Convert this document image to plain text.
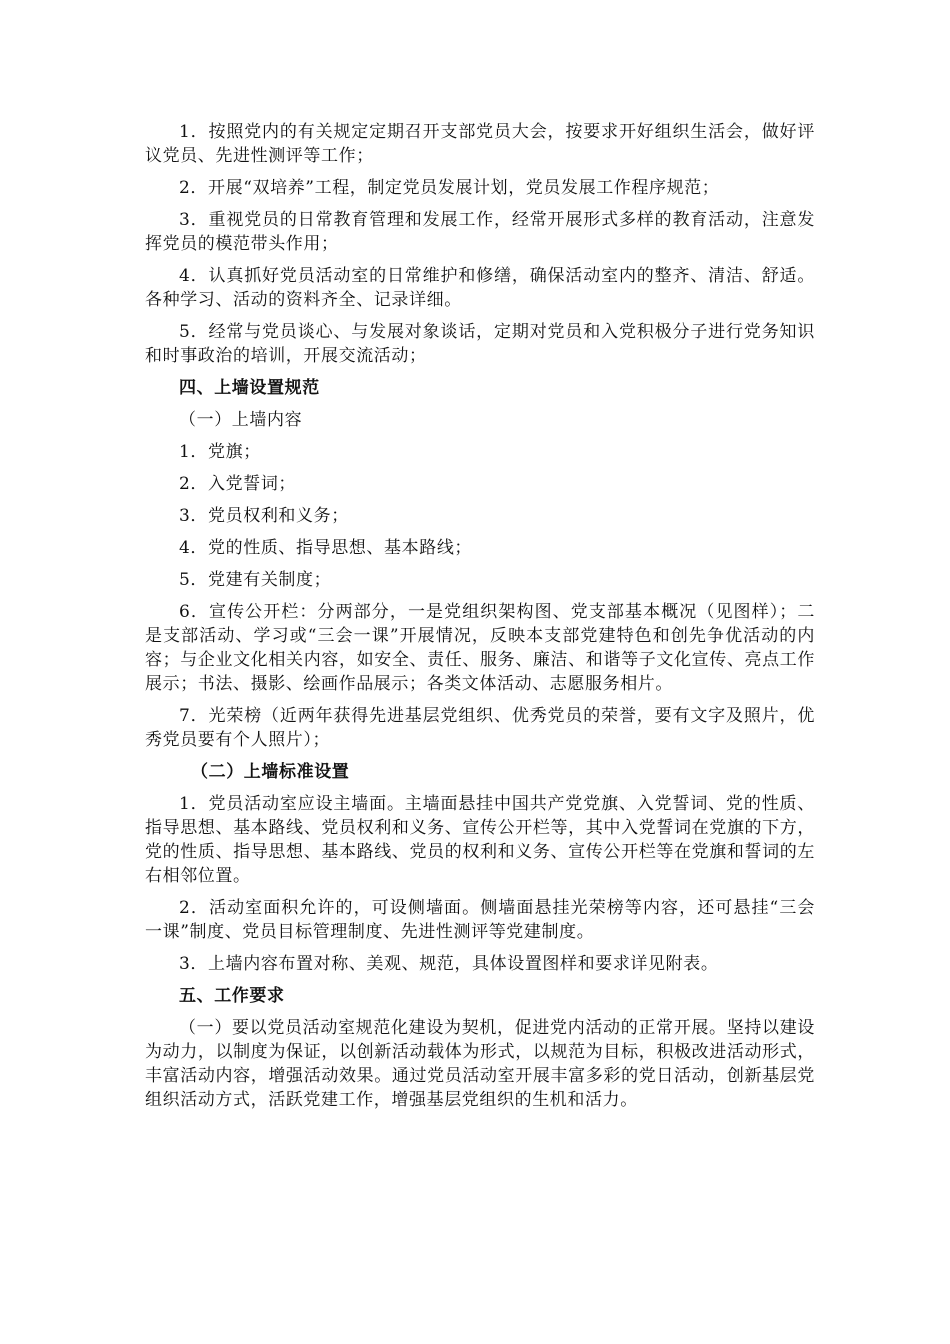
1．按照党内的有关规定定期召开支部党员大会，按要求开好组织生活会，做好评议党员、先进性测评等工作；

2．开展“双培养”工程，制定党员发展计划，党员发展工作程序规范；

3．重视党员的日常教育管理和发展工作，经常开展形式多样的教育活动，注意发挥党员的模范带头作用；

4．认真抓好党员活动室的日常维护和修缮，确保活动室内的整齐、清洁、舒适。各种学习、活动的资料齐全、记录详细。

5．经常与党员谈心、与发展对象谈话，定期对党员和入党积极分子进行党务知识和时事政治的培训，开展交流活动；

四、上墙设置规范

（一）上墙内容

1．党旗；

2．入党誓词；

3．党员权利和义务；

4．党的性质、指导思想、基本路线；

5．党建有关制度；

6．宣传公开栏：分两部分，一是党组织架构图、党支部基本概况（见图样）；二是支部活动、学习或“三会一课”开展情况，反映本支部党建特色和创先争优活动的内容；与企业文化相关内容，如安全、责任、服务、廉洁、和谐等子文化宣传、亮点工作展示；书法、摄影、绘画作品展示；各类文体活动、志愿服务相片。

7．光荣榜（近两年获得先进基层党组织、优秀党员的荣誉，要有文字及照片，优秀党员要有个人照片）；

（二）上墙标准设置

1．党员活动室应设主墙面。主墙面悬挂中国共产党党旗、入党誓词、党的性质、指导思想、基本路线、党员权利和义务、宣传公开栏等，其中入党誓词在党旗的下方，党的性质、指导思想、基本路线、党员的权利和义务、宣传公开栏等在党旗和誓词的左右相邻位置。

2．活动室面积允许的，可设侧墙面。侧墙面悬挂光荣榜等内容，还可悬挂“三会一课”制度、党员目标管理制度、先进性测评等党建制度。

3．上墙内容布置对称、美观、规范，具体设置图样和要求详见附表。

五、工作要求

（一）要以党员活动室规范化建设为契机，促进党内活动的正常开展。坚持以建设为动力，以制度为保证，以创新活动载体为形式，以规范为目标，积极改进活动形式，丰富活动内容，增强活动效果。通过党员活动室开展丰富多彩的党日活动，创新基层党组织活动方式，活跃党建工作，增强基层党组织的生机和活力。
